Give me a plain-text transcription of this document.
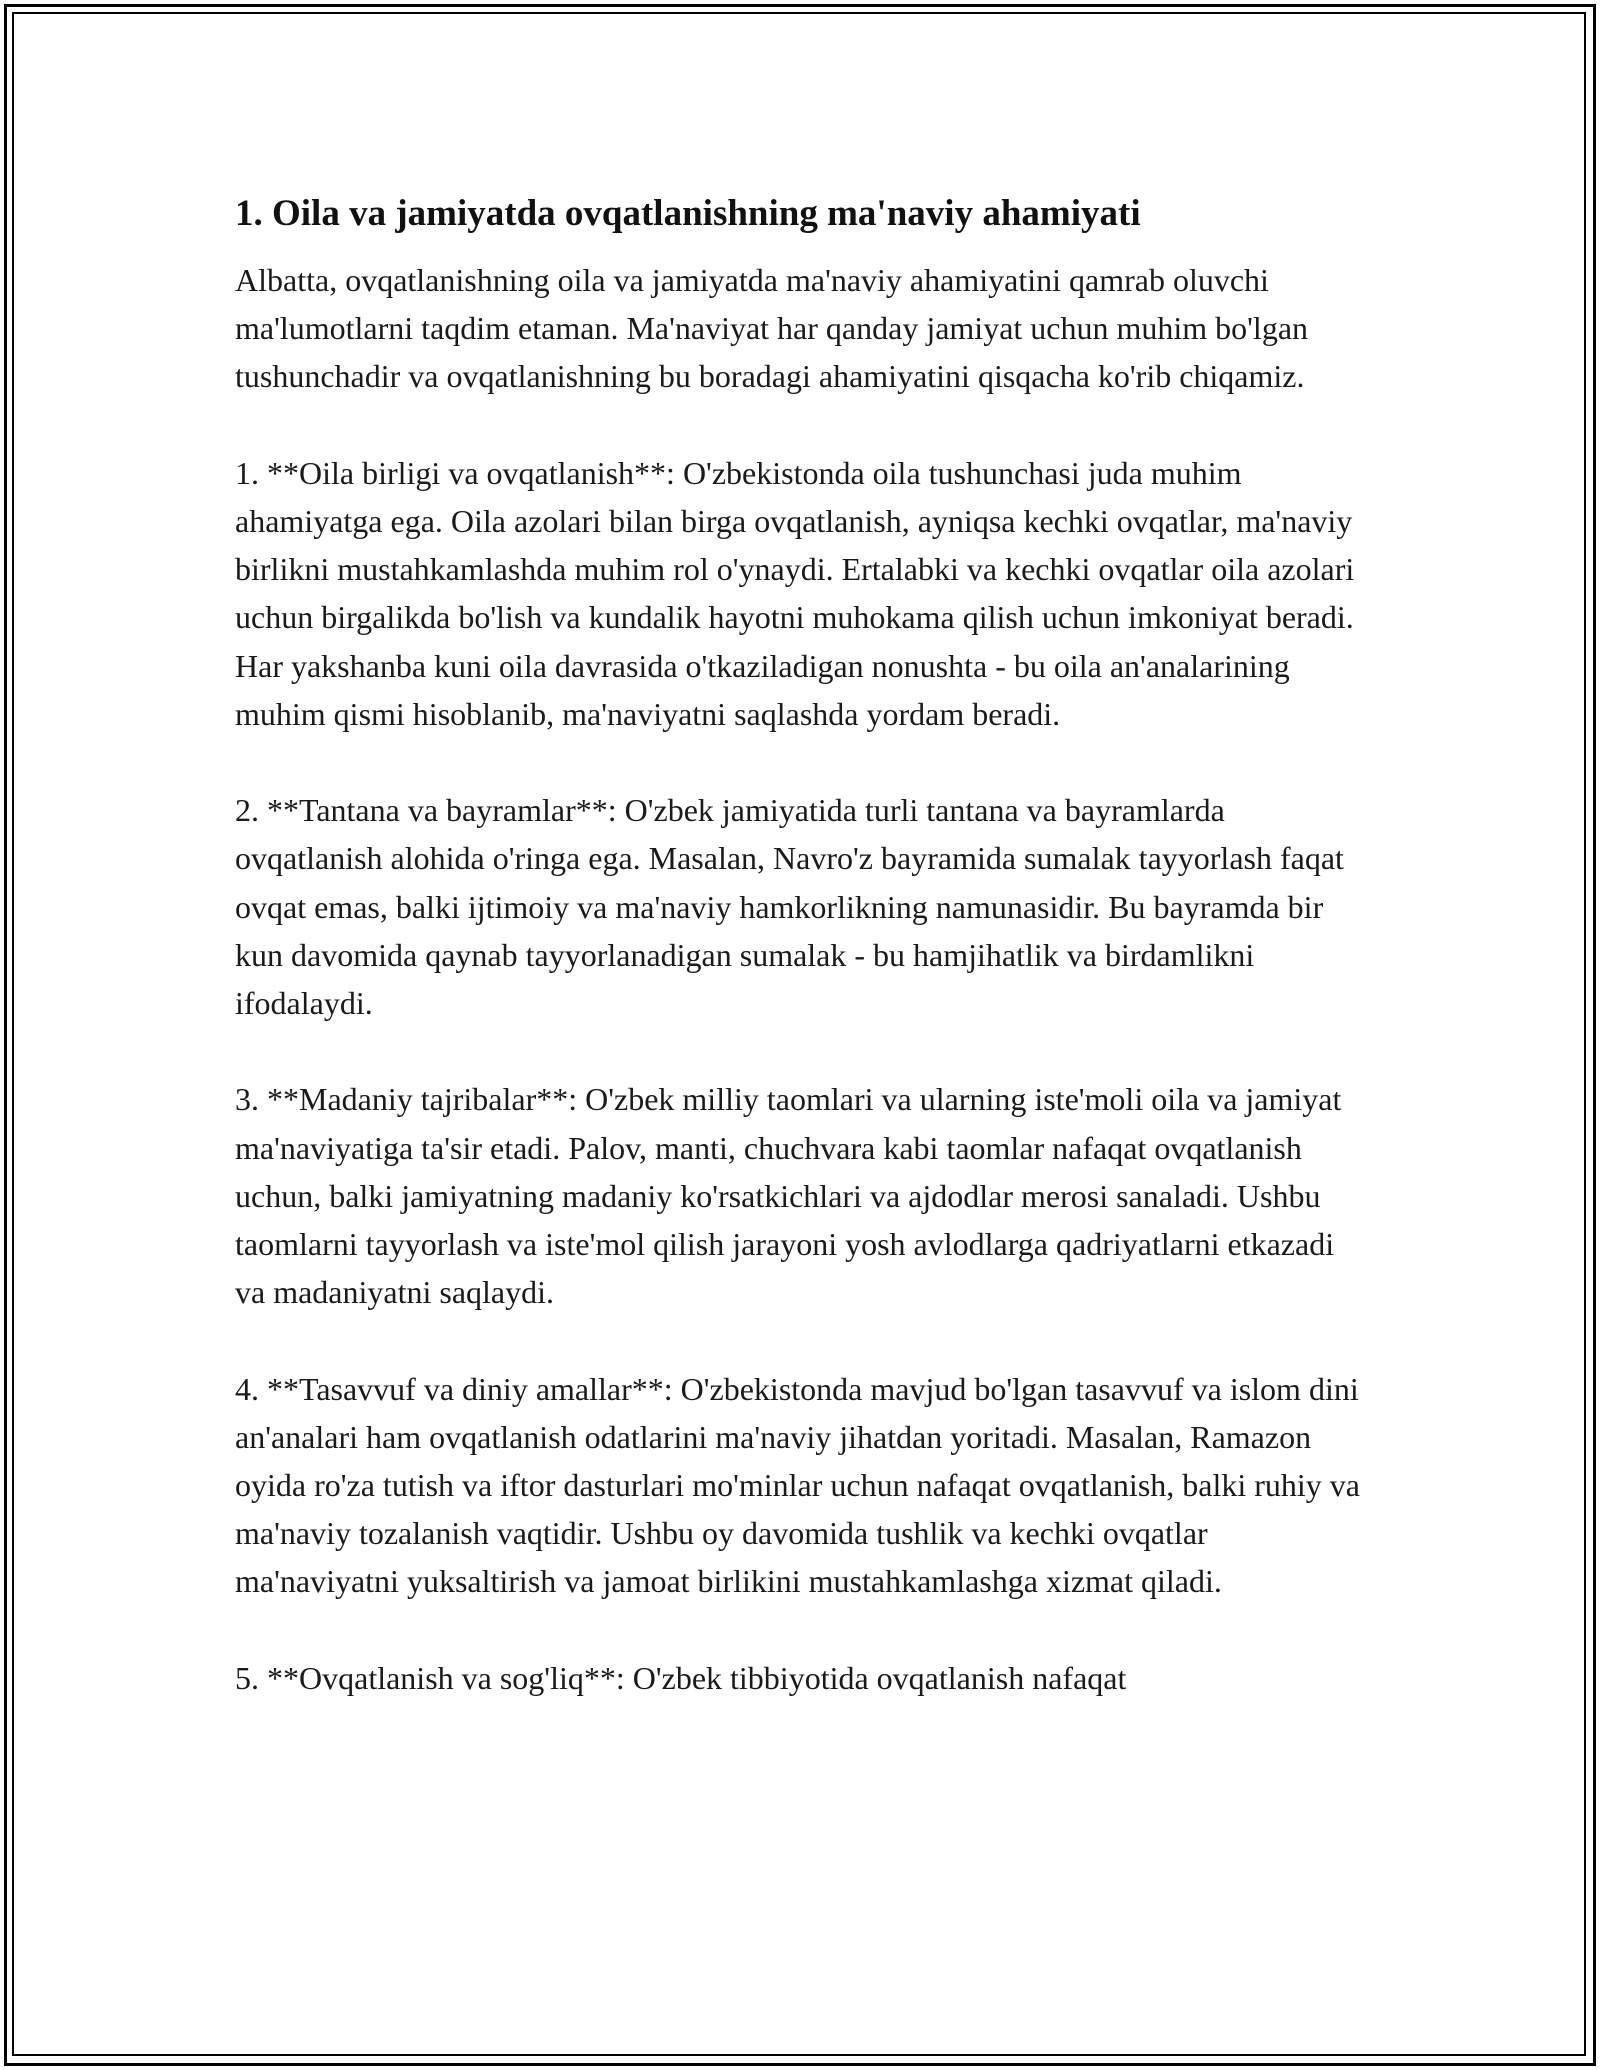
1. Oila va jamiyatda ovqatlanishning ma'naviy ahamiyati

Albatta, ovqatlanishning oila va jamiyatda ma'naviy ahamiyatini qamrab oluvchi ma'lumotlarni taqdim etaman. Ma'naviyat har qanday jamiyat uchun muhim bo'lgan tushunchadir va ovqatlanishning bu boradagi ahamiyatini qisqacha ko'rib chiqamiz.

1. **Oila birligi va ovqatlanish**: O'zbekistonda oila tushunchasi juda muhim ahamiyatga ega. Oila azolari bilan birga ovqatlanish, ayniqsa kechki ovqatlar, ma'naviy birlikni mustahkamlashda muhim rol o'ynaydi. Ertalabki va kechki ovqatlar oila azolari uchun birgalikda bo'lish va kundalik hayotni muhokama qilish uchun imkoniyat beradi. Har yakshanba kuni oila davrasida o'tkaziladigan nonushta - bu oila an'analarining muhim qismi hisoblanib, ma'naviyatni saqlashda yordam beradi.

2. **Tantana va bayramlar**: O'zbek jamiyatida turli tantana va bayramlarda ovqatlanish alohida o'ringa ega. Masalan, Navro'z bayramida sumalak tayyorlash faqat ovqat emas, balki ijtimoiy va ma'naviy hamkorlikning namunasidir. Bu bayramda bir kun davomida qaynab tayyorlanadigan sumalak - bu hamjihatlik va birdamlikni ifodalaydi.

3. **Madaniy tajribalar**: O'zbek milliy taomlari va ularning iste'moli oila va jamiyat ma'naviyatiga ta'sir etadi. Palov, manti, chuchvara kabi taomlar nafaqat ovqatlanish uchun, balki jamiyatning madaniy ko'rsatkichlari va ajdodlar merosi sanaladi. Ushbu taomlarni tayyorlash va iste'mol qilish jarayoni yosh avlodlarga qadriyatlarni etkazadi va madaniyatni saqlaydi.

4. **Tasavvuf va diniy amallar**: O'zbekistonda mavjud bo'lgan tasavvuf va islom dini an'analari ham ovqatlanish odatlarini ma'naviy jihatdan yoritadi. Masalan, Ramazon oyida ro'za tutish va iftor dasturlari mo'minlar uchun nafaqat ovqatlanish, balki ruhiy va ma'naviy tozalanish vaqtidir. Ushbu oy davomida tushlik va kechki ovqatlar ma'naviyatni yuksaltirish va jamoat birlikini mustahkamlashga xizmat qiladi.

5. **Ovqatlanish va sog'liq**: O'zbek tibbiyotida ovqatlanish nafaqat
